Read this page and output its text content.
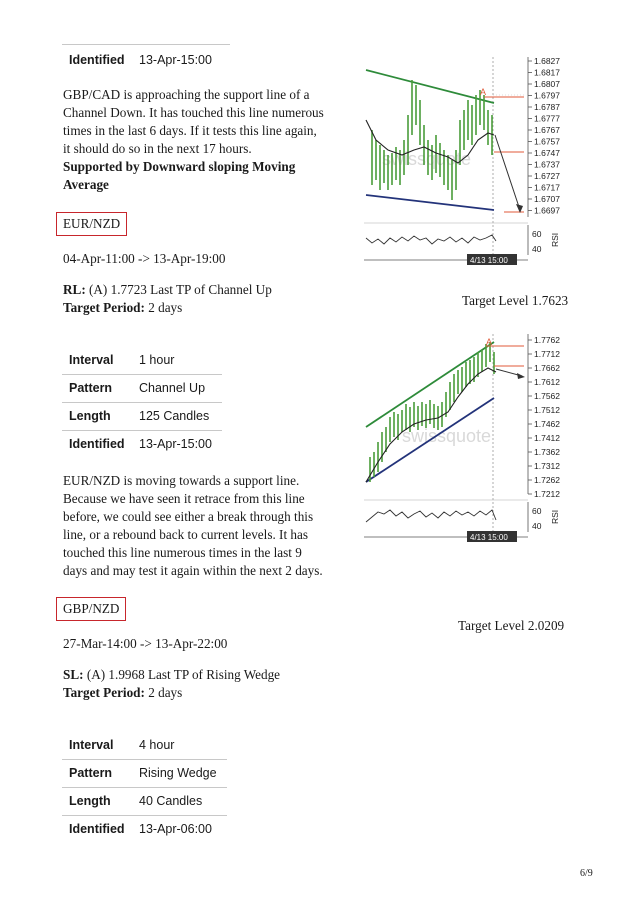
Identified	13-Apr-15:00
GBP/CAD is approaching the support line of a
Channel Down. It has touched this line numerous
times in the last 6 days. If it tests this line again,
it should do so in the next 17 hours.
Supported by Downward sloping Moving
Average
swissquote
A
1.6827
1.6817
1.6807
1.6797
1.6787
1.6777
1.6767
1.6757
1.6747
1.6737
1.6727
1.6717
1.6707
1.6697
60
40
RSI
4/13 15:00
EUR/NZD
04-Apr-11:00 -> 13-Apr-19:00
RL: (A) 1.7723 Last TP of Channel Up
Target Period: 2 days	Target Level 1.7623
Interval	1 hour
Pattern	Channel Up
Length	125 Candles
Identified	13-Apr-15:00
EUR/NZD is moving towards a support line.
Because we have seen it retrace from this line
before, we could see either a break through this
line, or a rebound back to current levels. It has
touched this line numerous times in the last 9
days and may test it again within the next 2 days.
swissquote
A	1.7762
1.7712
1.7662
1.7612
1.7562
1.7512
1.7462
1.7412
1.7362
1.7312
1.7262
1.7212
60
40
RSI
4/13 15:00
GBP/NZD
Target Level 2.0209
27-Mar-14:00 -> 13-Apr-22:00
SL: (A) 1.9968 Last TP of Rising Wedge
Target Period: 2 days
Interval	4 hour
Pattern	Rising Wedge
Length	40 Candles
Identified	13-Apr-06:00
6/9
